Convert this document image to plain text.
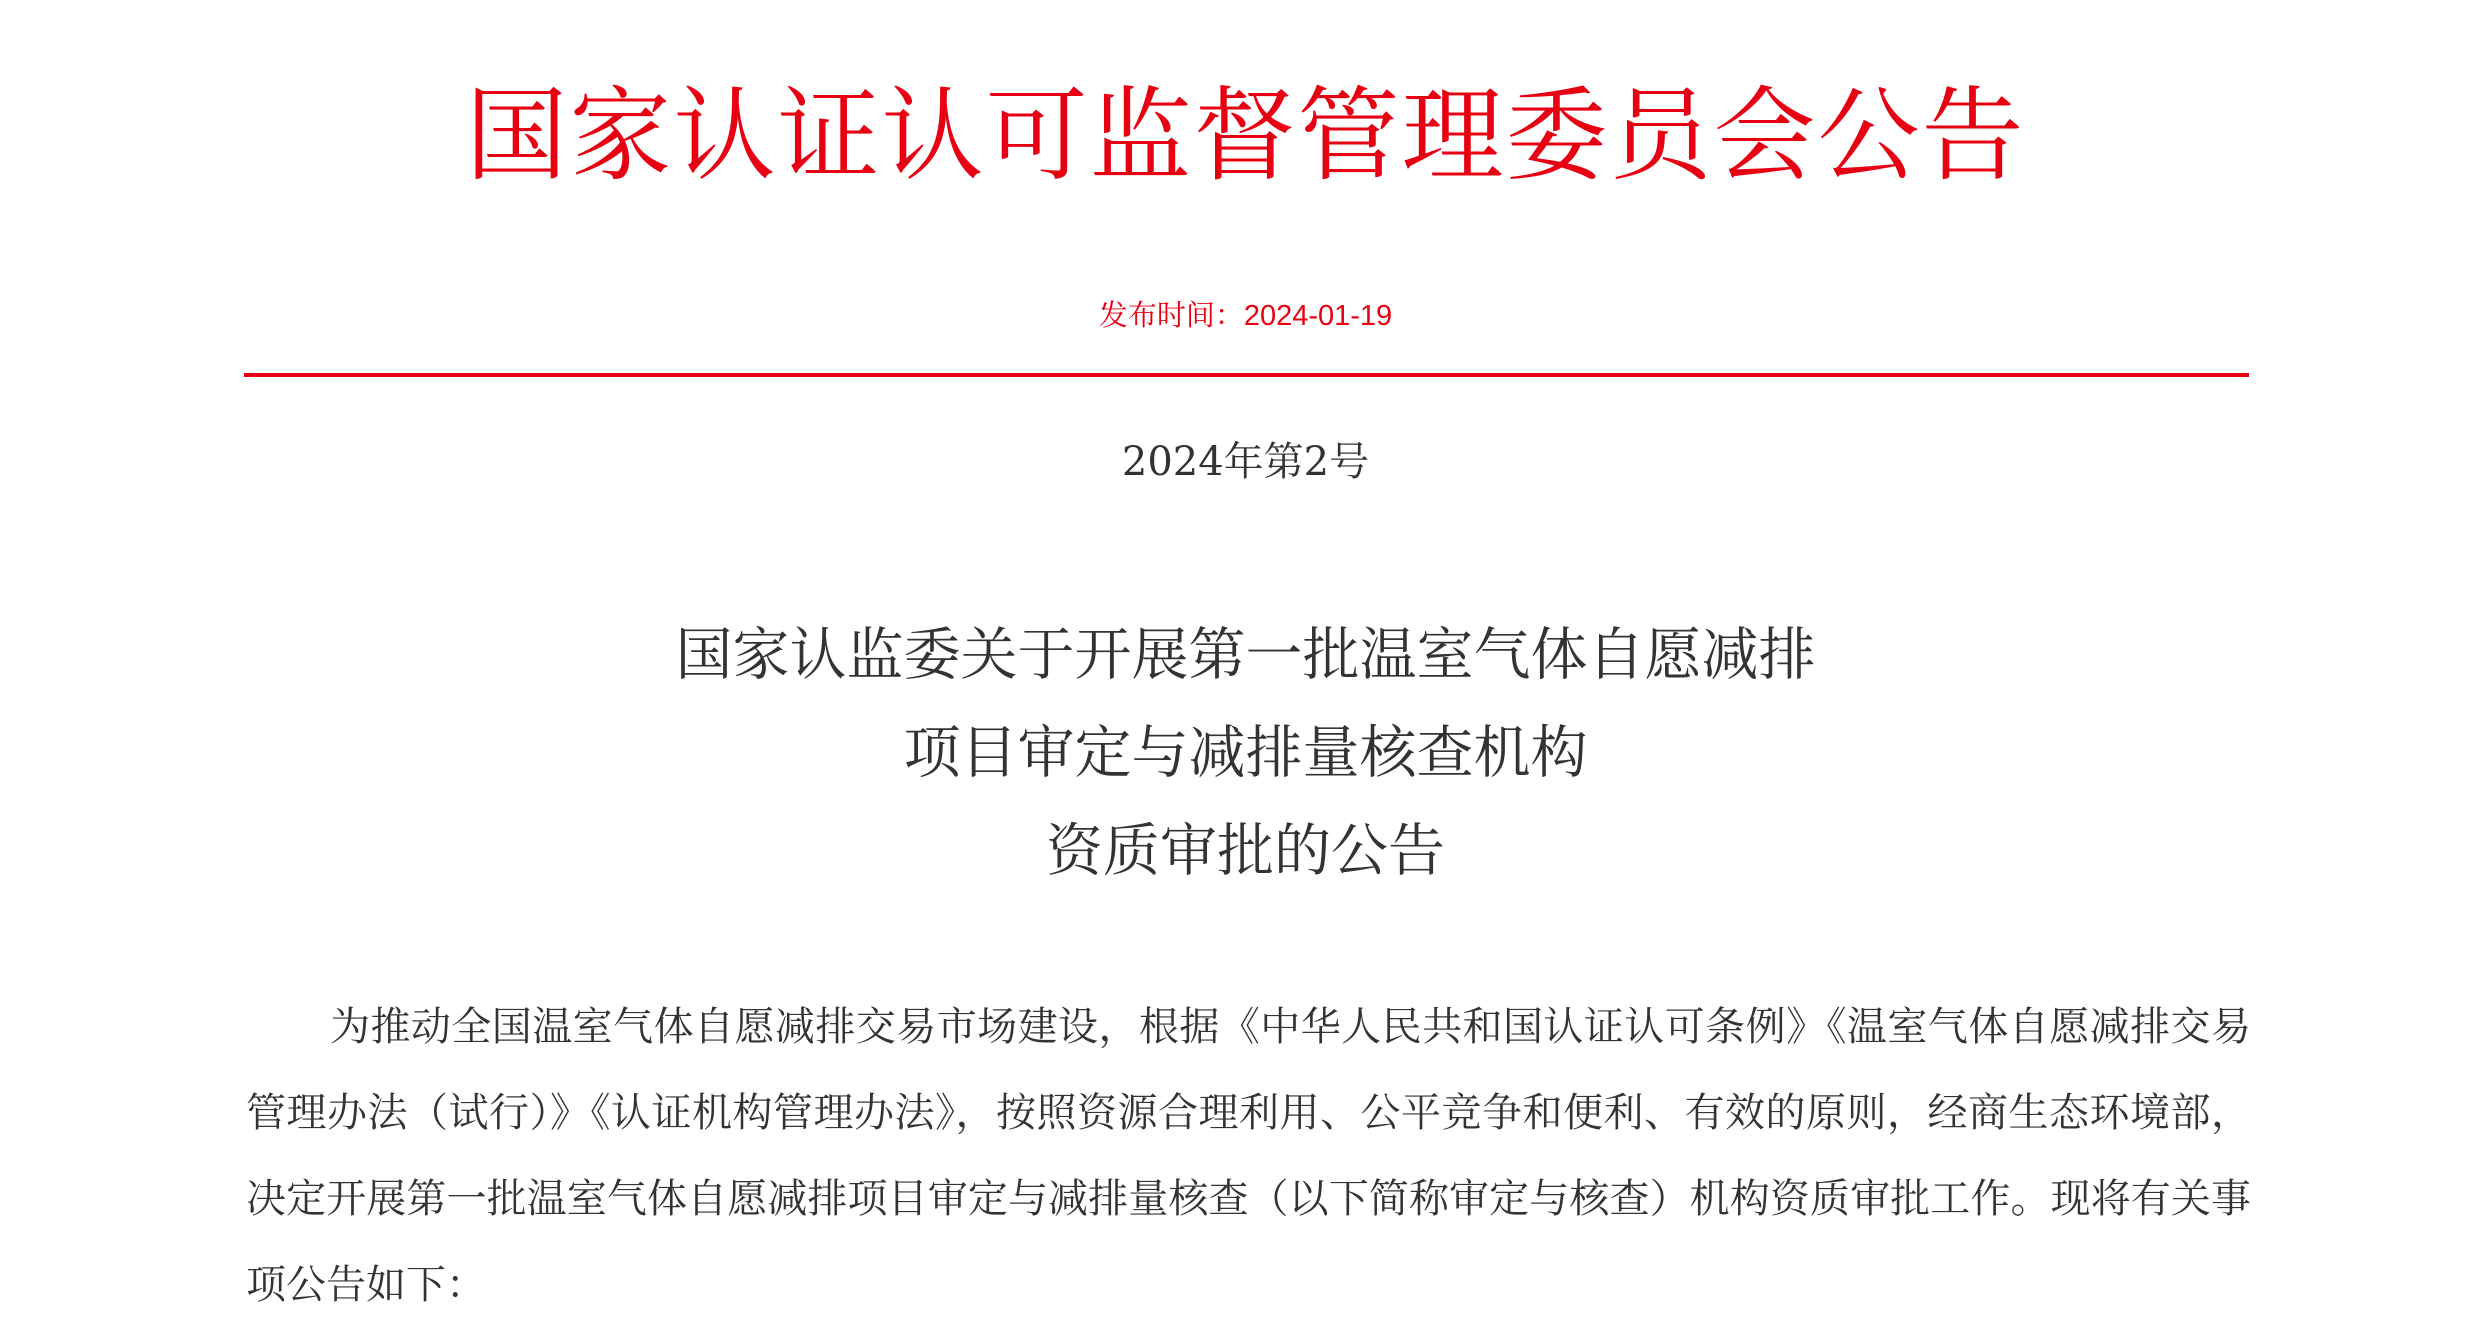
国家认证认可监督管理委员会公告
发布时间：2024-01-19
2024年第2号
国家认监委关于开展第一批温室气体自愿减排
项目审定与减排量核查机构
资质审批的公告

为推动全国温室气体自愿减排交易市场建设，根据《中华人民共和国认证认可条例》《温室气体自愿减排交易管理办法（试行）》《认证机构管理办法》，按照资源合理利用、公平竞争和便利、有效的原则，经商生态环境部，决定开展第一批温室气体自愿减排项目审定与减排量核查（以下简称审定与核查）机构资质审批工作。现将有关事项公告如下：
